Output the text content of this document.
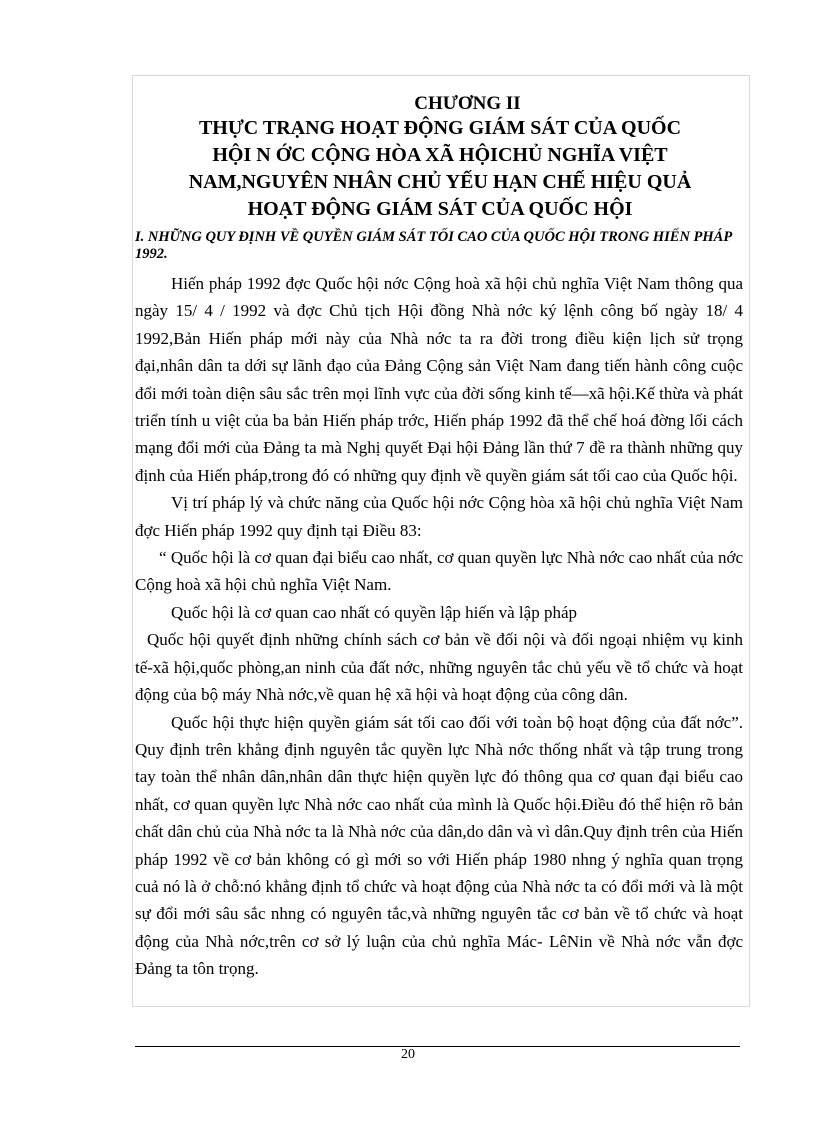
CHƯƠNG II
THỰC TRẠNG HOẠT ĐỘNG GIÁM SÁT CỦA QUỐC
HỘI N ỚC CỘNG HÒA XÃ HỘICHỦ NGHĨA VIỆT
NAM,NGUYÊN NHÂN CHỦ YẾU HẠN CHẾ HIỆU QUẢ
HOẠT ĐỘNG GIÁM SÁT CỦA QUỐC HỘI
I. NHỮNG QUY ĐỊNH VỀ QUYỀN GIÁM SÁT TỐI CAO CỦA QUỐC HỘI TRONG HIẾN PHÁP 1992.

Hiến pháp 1992 đợc Quốc hội nớc Cộng hoà xã hội chủ nghĩa Việt Nam thông qua ngày 15/ 4 / 1992 và đợc Chủ tịch Hội đồng Nhà nớc ký lệnh công bố ngày 18/ 4 1992,Bản Hiến pháp mới này của Nhà nớc ta ra đời trong điều kiện lịch sử trọng đại,nhân dân ta dới sự lãnh đạo của Đảng Cộng sản Việt Nam đang tiến hành công cuộc đổi mới toàn diện sâu sắc trên mọi lĩnh vực của đời sống kinh tế—xã hội.Kế thừa và phát triển tính u việt của ba bản Hiến pháp trớc, Hiến pháp 1992 đã thể chế hoá đờng lối cách mạng đổi mới của Đảng ta mà Nghị quyết Đại hội Đảng lần thứ 7 đề ra thành những quy định của Hiến pháp,trong đó có những quy định về quyền giám sát tối cao của Quốc hội.

Vị trí pháp lý và chức năng của Quốc hội nớc Cộng hòa xã hội chủ nghĩa Việt Nam đợc Hiến pháp 1992 quy định tại Điều 83:

“ Quốc hội là cơ quan đại biểu cao nhất, cơ quan quyền lực Nhà nớc cao nhất của nớc Cộng hoà xã hội chủ nghĩa Việt Nam.

Quốc hội là cơ quan cao nhất có quyền lập hiến và lập pháp

Quốc hội quyết định những chính sách cơ bản về đối nội và đối ngoại nhiệm vụ kinh tế-xã hội,quốc phòng,an ninh của đất nớc, những nguyên tắc chủ yếu về tổ chức và hoạt động của bộ máy Nhà nớc,về quan hệ xã hội và hoạt động của công dân.

Quốc hội thực hiện quyền giám sát tối cao đối với toàn bộ hoạt động của đất nớc”. Quy định trên khẳng định nguyên tắc quyền lực Nhà nớc thống nhất và tập trung trong tay toàn thể nhân dân,nhân dân thực hiện quyền lực đó thông qua cơ quan đại biểu cao nhất, cơ quan quyền lực Nhà nớc cao nhất của mình là Quốc hội.Điều đó thể hiện rõ bản chất dân chủ của Nhà nớc ta là Nhà nớc của dân,do dân và vì dân.Quy định trên của Hiến pháp 1992 về cơ bản không có gì mới so với Hiến pháp 1980 nhng ý nghĩa quan trọng cuả nó là ở chỗ:nó khẳng định tổ chức và hoạt động của Nhà nớc ta có đổi mới và là một sự đổi mới sâu sắc nhng có nguyên tắc,và những nguyên tắc cơ bản về tổ chức và hoạt động của Nhà nớc,trên cơ sở lý luận của chủ nghĩa Mác- LêNin về Nhà nớc vẫn đợc Đảng ta tôn trọng.

20
